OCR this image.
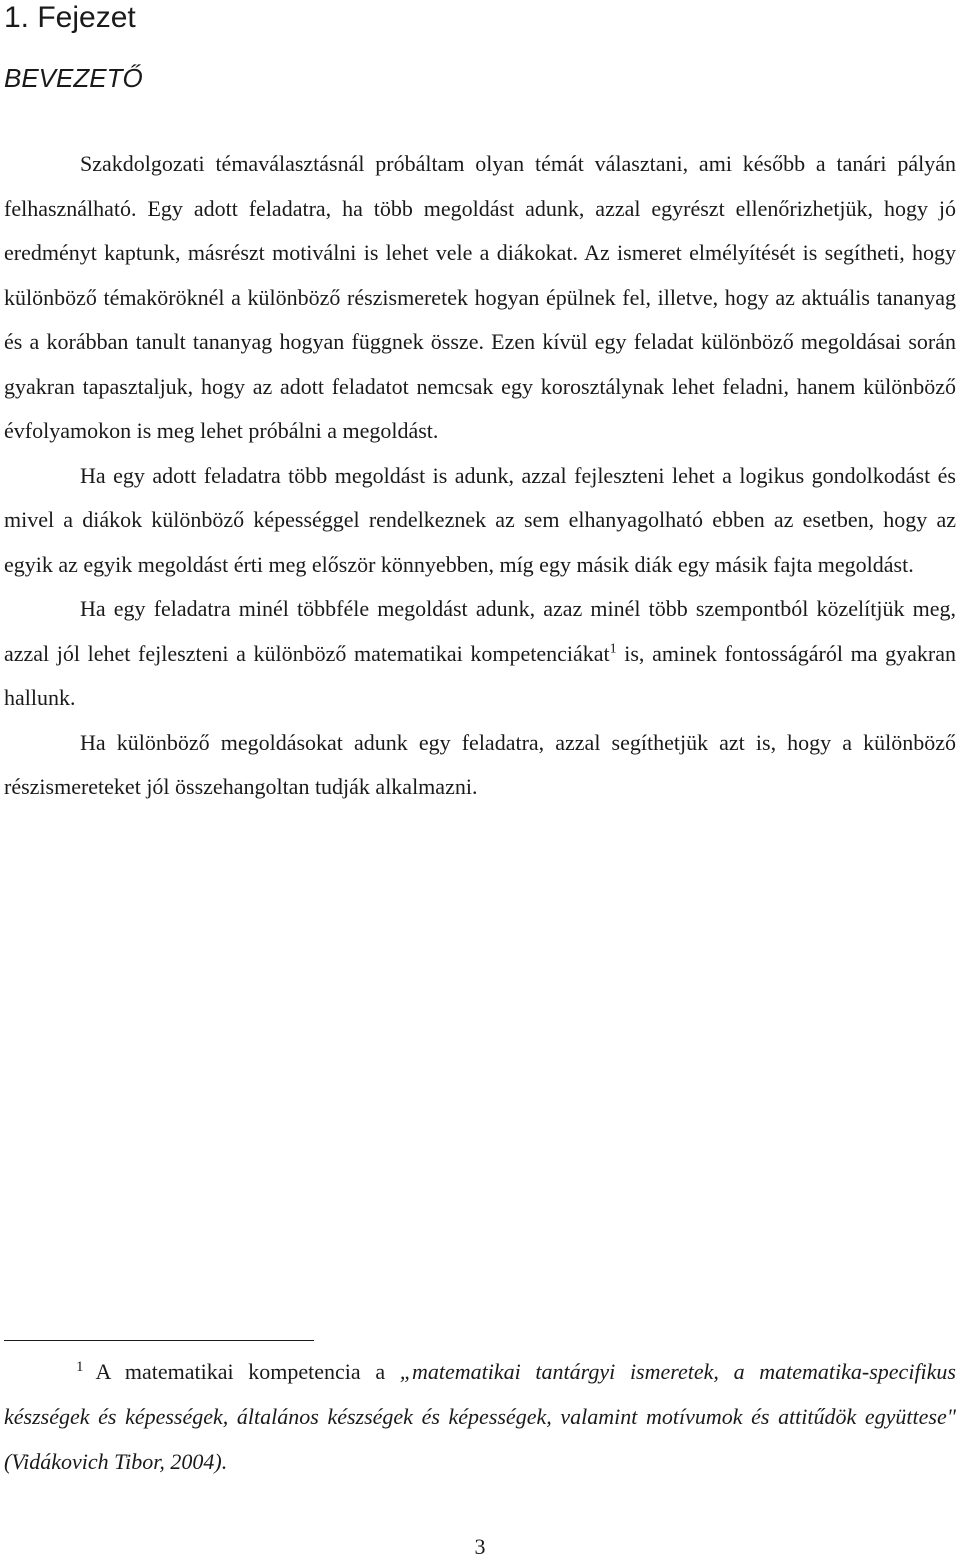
1. Fejezet
BEVEZETŐ

Szakdolgozati témaválasztásnál próbáltam olyan témát választani, ami később a tanári pályán felhasználható. Egy adott feladatra, ha több megoldást adunk, azzal egyrészt ellenőrizhetjük, hogy jó eredményt kaptunk, másrészt motiválni is lehet vele a diákokat. Az ismeret elmélyítését is segítheti, hogy különböző témaköröknél a különböző részismeretek hogyan épülnek fel, illetve, hogy az aktuális tananyag és a korábban tanult tananyag hogyan függnek össze. Ezen kívül egy feladat különböző megoldásai során gyakran tapasztaljuk, hogy az adott feladatot nemcsak egy korosztálynak lehet feladni, hanem különböző évfolyamokon is meg lehet próbálni a megoldást.

Ha egy adott feladatra több megoldást is adunk, azzal fejleszteni lehet a logikus gondolkodást és mivel a diákok különböző képességgel rendelkeznek az sem elhanyagolható ebben az esetben, hogy az egyik az egyik megoldást érti meg először könnyebben, míg egy másik diák egy másik fajta megoldást.

Ha egy feladatra minél többféle megoldást adunk, azaz minél több szempontból közelítjük meg, azzal jól lehet fejleszteni a különböző matematikai kompetenciákat$^1$ is, aminek fontosságáról ma gyakran hallunk.

Ha különböző megoldásokat adunk egy feladatra, azzal segíthetjük azt is, hogy a különböző részismereteket jól összehangoltan tudják alkalmazni.

$^1$ A matematikai kompetencia a „matematikai tantárgyi ismeretek, a matematika-specifikus készségek és képességek, általános készségek és képességek, valamint motívumok és attitűdök együttese" (Vidákovich Tibor, 2004).
3
